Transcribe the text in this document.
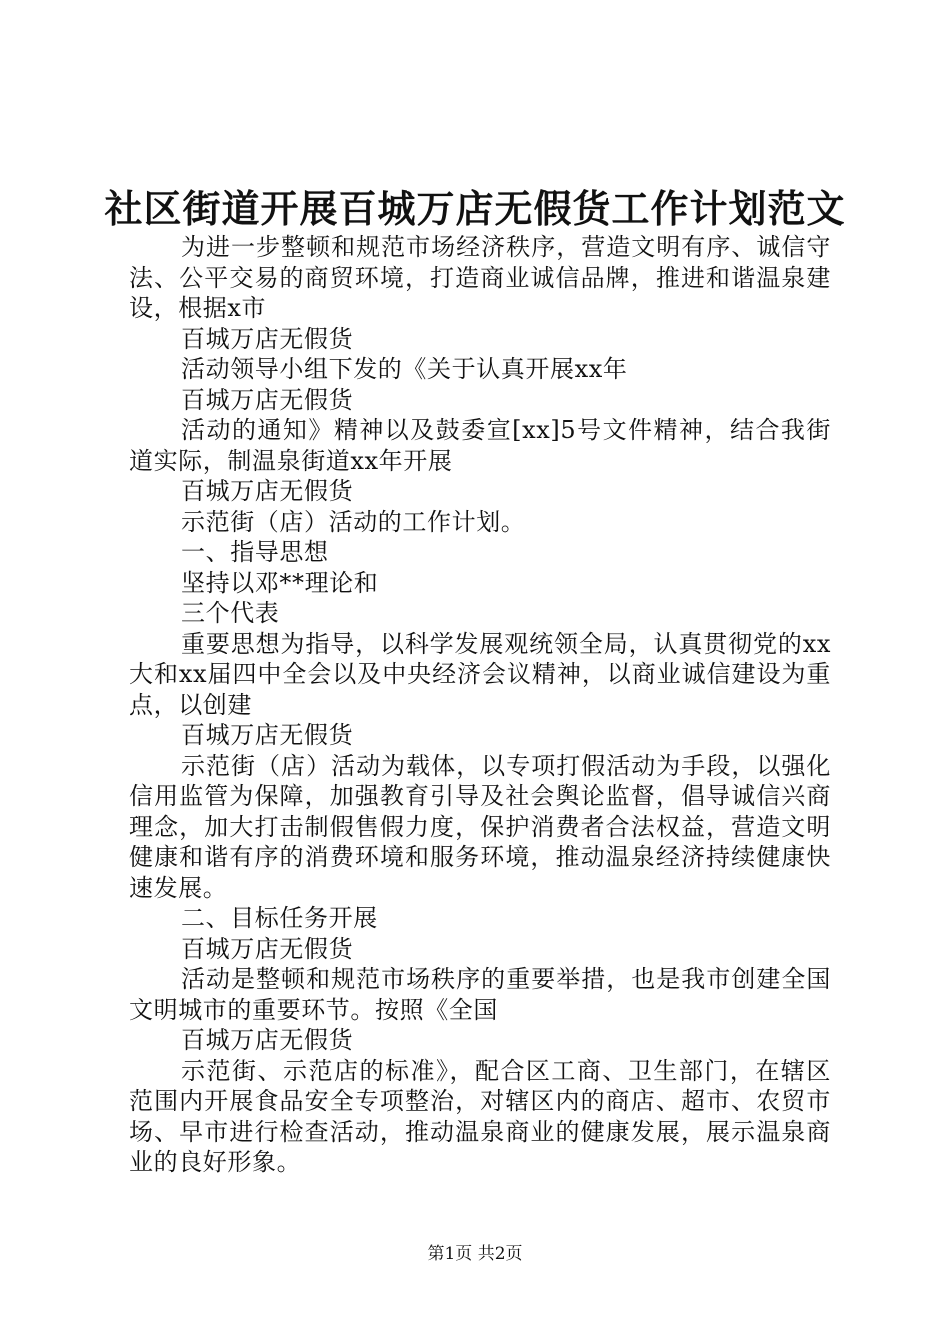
社区街道开展百城万店无假货工作计划范文

为进一步整顿和规范市场经济秩序，营造文明有序、诚信守法、公平交易的商贸环境，打造商业诚信品牌，推进和谐温泉建设，根据x市

百城万店无假货

活动领导小组下发的《关于认真开展xx年

百城万店无假货

活动的通知》精神以及鼓委宣[xx]5号文件精神，结合我街道实际，制温泉街道xx年开展

百城万店无假货

示范街（店）活动的工作计划。

一、指导思想

坚持以邓**理论和

三个代表

重要思想为指导，以科学发展观统领全局，认真贯彻党的xx大和xx届四中全会以及中央经济会议精神，以商业诚信建设为重点，以创建

百城万店无假货

示范街（店）活动为载体，以专项打假活动为手段，以强化信用监管为保障，加强教育引导及社会舆论监督，倡导诚信兴商理念，加大打击制假售假力度，保护消费者合法权益，营造文明健康和谐有序的消费环境和服务环境，推动温泉经济持续健康快速发展。

二、目标任务开展

百城万店无假货

活动是整顿和规范市场秩序的重要举措，也是我市创建全国文明城市的重要环节。按照《全国

百城万店无假货

示范街、示范店的标准》，配合区工商、卫生部门，在辖区范围内开展食品安全专项整治，对辖区内的商店、超市、农贸市场、早市进行检查活动，推动温泉商业的健康发展，展示温泉商业的良好形象。

第1页 共2页
